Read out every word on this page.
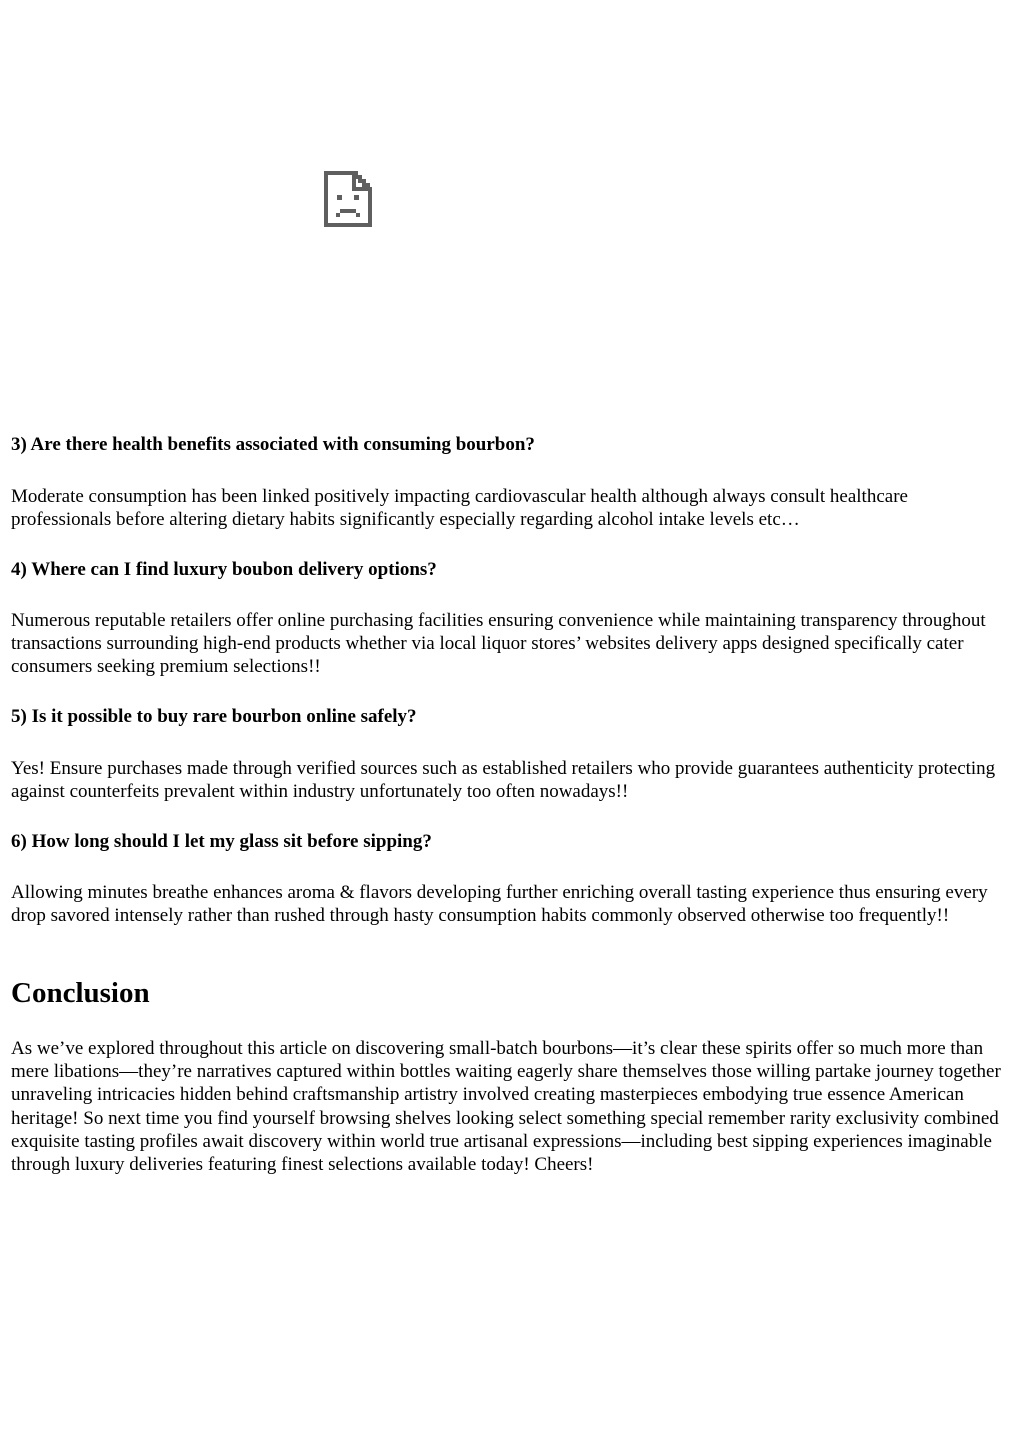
3) Are there health benefits associated with consuming bourbon?

Moderate consumption has been linked positively impacting cardiovascular health although always consult healthcare professionals before altering dietary habits significantly especially regarding alcohol intake levels etc…

4) Where can I find luxury boubon delivery options?

Numerous reputable retailers offer online purchasing facilities ensuring convenience while maintaining transparency throughout transactions surrounding high-end products whether via local liquor stores’ websites delivery apps designed specifically cater consumers seeking premium selections!!

5) Is it possible to buy rare bourbon online safely?

Yes! Ensure purchases made through verified sources such as established retailers who provide guarantees authenticity protecting against counterfeits prevalent within industry unfortunately too often nowadays!!

6) How long should I let my glass sit before sipping?

Allowing minutes breathe enhances aroma & flavors developing further enriching overall tasting experience thus ensuring every drop savored intensely rather than rushed through hasty consumption habits commonly observed otherwise too frequently!!

Conclusion

As we’ve explored throughout this article on discovering small-batch bourbons—it’s clear these spirits offer so much more than mere libations—they’re narratives captured within bottles waiting eagerly share themselves those willing partake journey together unraveling intricacies hidden behind craftsmanship artistry involved creating masterpieces embodying true essence American heritage! So next time you find yourself browsing shelves looking select something special remember rarity exclusivity combined exquisite tasting profiles await discovery within world true artisanal expressions—including best sipping experiences imaginable through luxury deliveries featuring finest selections available today! Cheers!
